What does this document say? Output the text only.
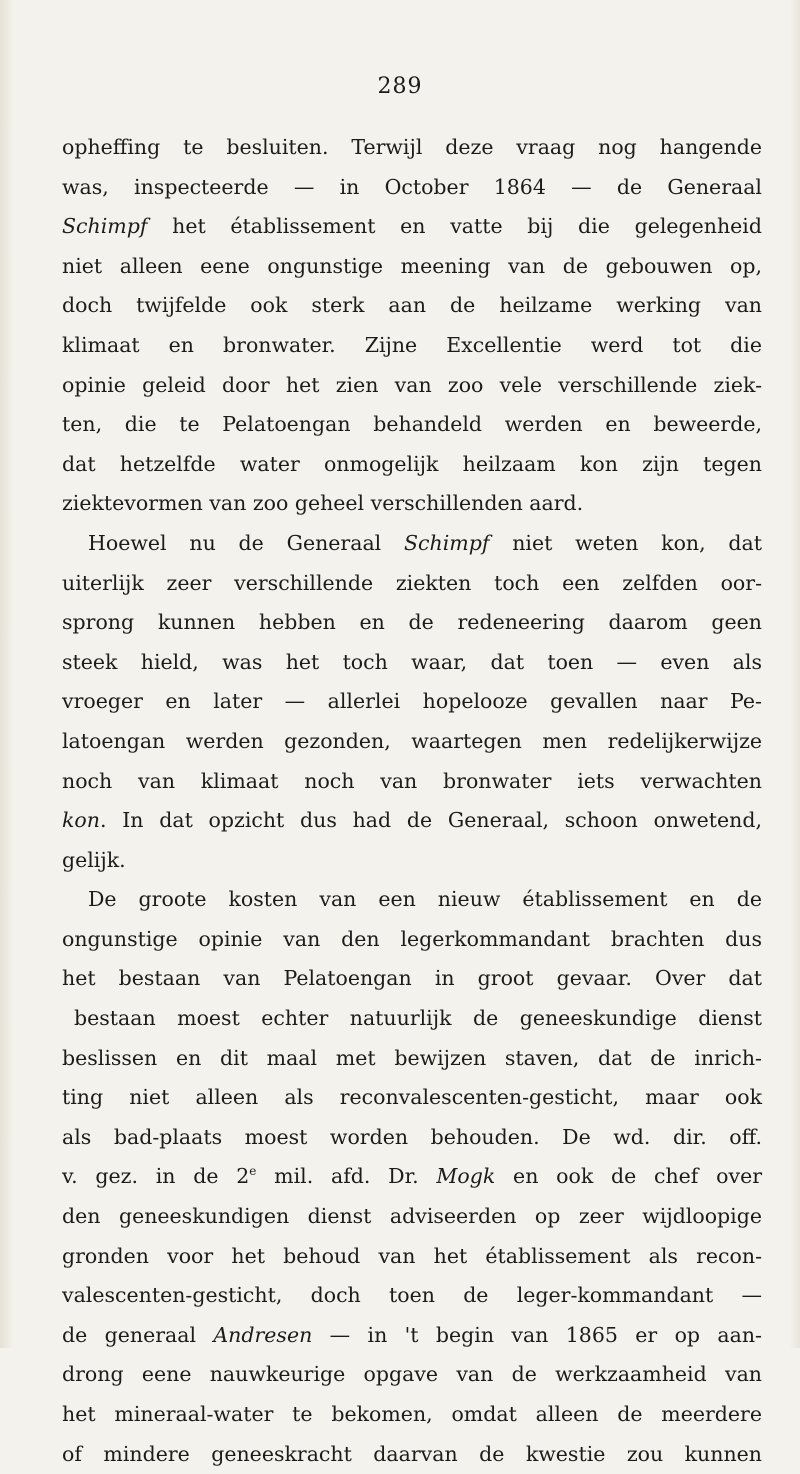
289
opheffing te besluiten. Terwijl deze vraag nog hangende
was, inspecteerde — in October 1864 — de Generaal
Schimpf het établissement en vatte bij die gelegenheid
niet alleen eene ongunstige meening van de gebouwen op,
doch twijfelde ook sterk aan de heilzame werking van
klimaat en bronwater. Zijne Excellentie werd tot die
opinie geleid door het zien van zoo vele verschillende ziek-
ten, die te Pelatoengan behandeld werden en beweerde,
dat hetzelfde water onmogelijk heilzaam kon zijn tegen
ziektevormen van zoo geheel verschillenden aard.
Hoewel nu de Generaal Schimpf niet weten kon, dat
uiterlijk zeer verschillende ziekten toch een zelfden oor-
sprong kunnen hebben en de redeneering daarom geen
steek hield, was het toch waar, dat toen — even als
vroeger en later — allerlei hopelooze gevallen naar Pe-
latoengan werden gezonden, waartegen men redelijkerwijze
noch van klimaat noch van bronwater iets verwachten
kon. In dat opzicht dus had de Generaal, schoon onwetend,
gelijk.
De groote kosten van een nieuw établissement en de
ongunstige opinie van den legerkommandant brachten dus
het bestaan van Pelatoengan in groot gevaar. Over dat
bestaan moest echter natuurlijk de geneeskundige dienst
beslissen en dit maal met bewijzen staven, dat de inrich-
ting niet alleen als reconvalescenten-gesticht, maar ook
als bad-plaats moest worden behouden. De wd. dir. off.
v. gez. in de 2e mil. afd. Dr. Mogk en ook de chef over
den geneeskundigen dienst adviseerden op zeer wijdloopige
gronden voor het behoud van het établissement als recon-
valescenten-gesticht, doch toen de leger-kommandant —
de generaal Andresen — in 't begin van 1865 er op aan-
drong eene nauwkeurige opgave van de werkzaamheid van
het mineraal-water te bekomen, omdat alleen de meerdere
of mindere geneeskracht daarvan de kwestie zou kunnen
